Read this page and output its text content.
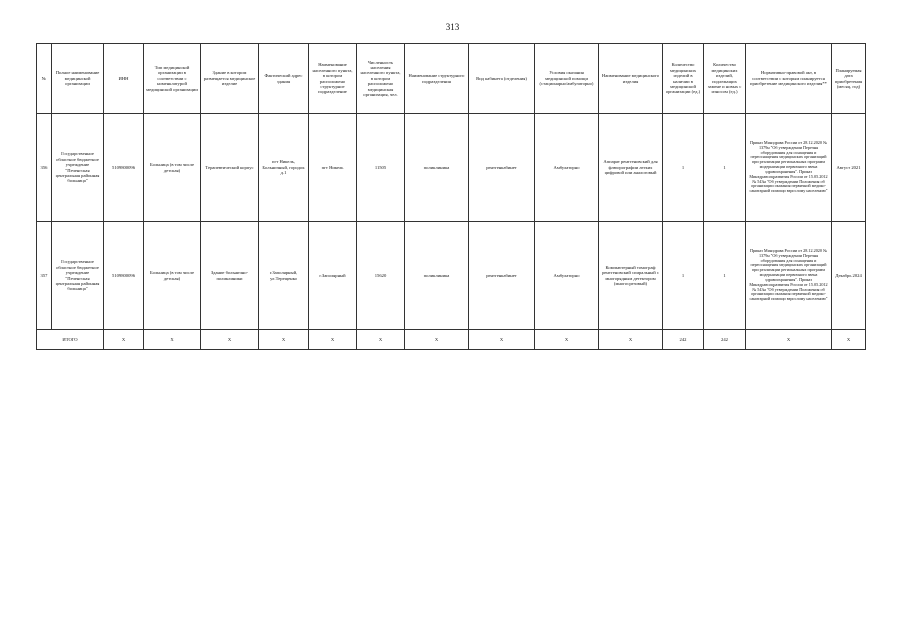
313
№	Полное наименование медицинской организации	ИНН	Тип медицинской организации в соответствии с номенклатурой медицинской организации	Здание в котором размещается медицинское изделие	Фактический адрес здания	Наименование населенного пункта, в котором расположено структурное подразделение	Численность населения населенного пункта, в котором расположено медицинская организация, чел.	Наименование структурного подразделения	Вид кабинета (отделения)	Условия оказания медицинской помощи (стационарно/амбулаторно)	Наименование медицинского изделия	Количество медицинских изделий в наличии в медицинской организации (ед.)	Количество медицинских изделий, подлежащих замене и новых с износом (ед.)	Нормативно-правовой акт, в соответствии с которым планируется приобретение медицинского изделия**	Планируемая дата приобретения (месяц, год)
356	Государственное областное бюджетное учреждение "Печенгская центральная районная больница"	5109800096	Больница (в том числе детская)	Терапевтический корпус	пгт Никель, Больничный, городок д.1	пгт Никель	11505	поликлиника	рентгенкабинет	Амбулаторно	Аппарат рентгеновский для флюорографии легких цифровой или аналоговый	1	1	Приказ Минздрава России от 28.12.2020 № 1379н "Об утверждении Перечня оборудования для оснащения и переоснащения медицинских организаций при реализации региональных программ модернизации первичного звена здравоохранения". Приказ Минздравсоцразвития России от 15.05.2012 № 543н "Об утверждении Положения об организации оказания первичной медико-санитарной помощи взрослому населению"	Август 2021
357	Государственное областное бюджетное учреждение "Печенгская центральная районная больница"	5109800096	Больница (в том числе детская)	Здание больнично-поликлиники	г.Заполярный, ул.Терещенко	г.Заполярный	15620	поликлиника	рентгенкабинет	Амбулаторно	Компьютерный томограф рентгеновский спиральный с многорядным детектором (многосрезовый)	1	1	Приказ Минздрава России от 28.12.2020 № 1379н "Об утверждении Перечня оборудования для оснащения и переоснащения медицинских организаций при реализации региональных программ модернизации первичного звена здравоохранения". Приказ Минздравсоцразвития России от 15.05.2012 № 543н "Об утверждении Положения об организации оказания первичной медико-санитарной помощи взрослому населению"	Декабрь 2024
ИТОГО		X	X	X	X	X	X	X	X	X	X	242	242	X	X
